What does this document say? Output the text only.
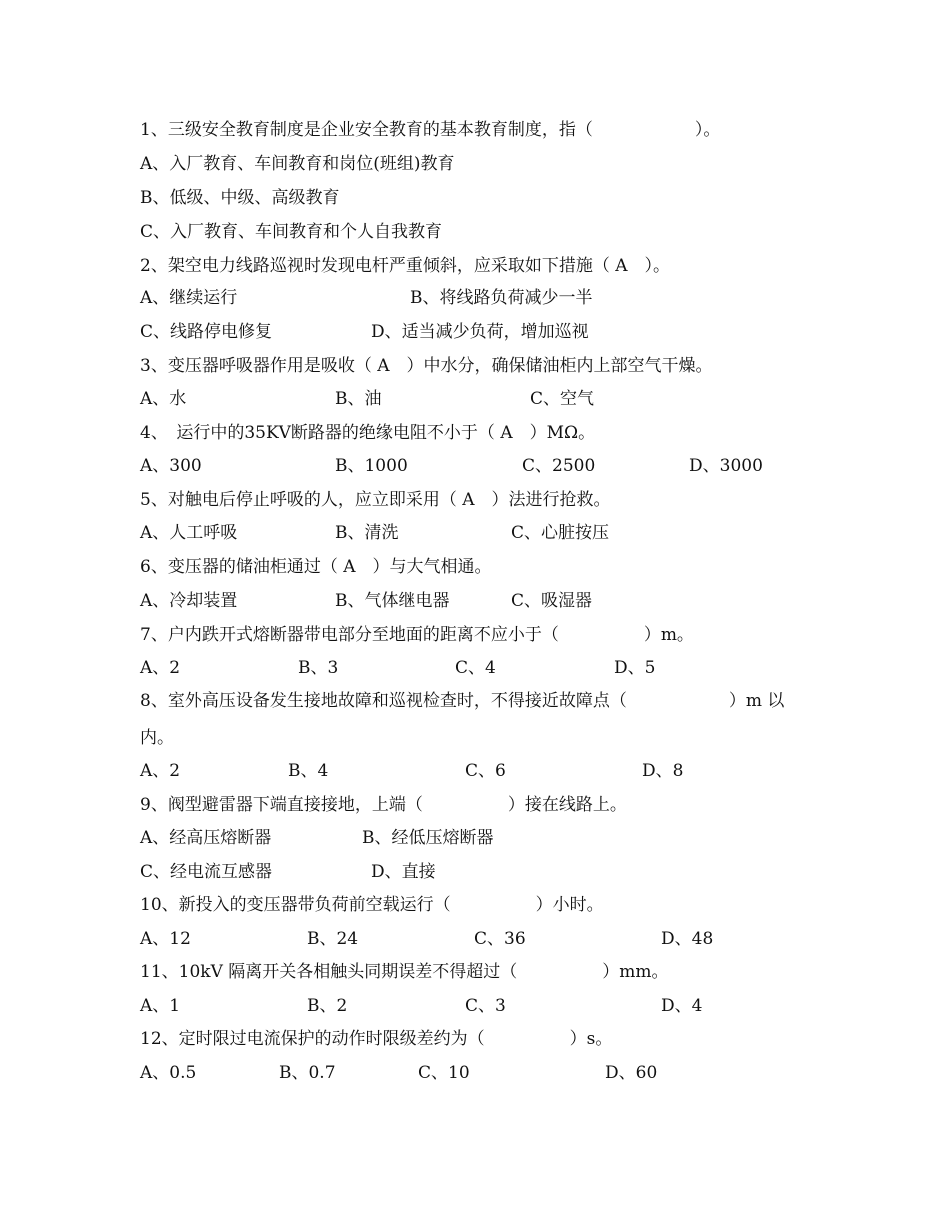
1、三级安全教育制度是企业安全教育的基本教育制度，指（　　　　　　）。
A、入厂教育、车间教育和岗位(班组)教育
B、低级、中级、高级教育
C、入厂教育、车间教育和个人自我教育
2、架空电力线路巡视时发现电杆严重倾斜，应采取如下措施（ A　）。
A、继续运行	B、将线路负荷减少一半
C、线路停电修复	D、适当减少负荷，增加巡视
3、变压器呼吸器作用是吸收（ A　）中水分，确保储油柜内上部空气干燥。
A、水	B、油	C、空气
4、　运行中的35KV断路器的绝缘电阻不小于（ A　）MΩ。
A、300	B、1000	C、2500	D、3000
5、对触电后停止呼吸的人，应立即采用（ A　）法进行抢救。
A、人工呼吸	B、清洗	C、心脏按压
6、变压器的储油柜通过（ A　）与大气相通。
A、冷却装置	B、气体继电器	C、吸湿器
7、户内跌开式熔断器带电部分至地面的距离不应小于（　　　　　）m。
A、2	B、3	C、4	D、5
8、室外高压设备发生接地故障和巡视检查时，不得接近故障点（　　　　　　）m 以
内。
A、2	B、4	C、6	D、8
9、阀型避雷器下端直接接地，上端（　　　　　）接在线路上。
A、经高压熔断器	B、经低压熔断器
C、经电流互感器	D、直接
10、新投入的变压器带负荷前空载运行（　　　　　）小时。
A、12	B、24	C、36	D、48
11、10kV 隔离开关各相触头同期误差不得超过（　　　　　）mm。
A、1	B、2	C、3	D、4
12、定时限过电流保护的动作时限级差约为（　　　　　）s。
A、0.5	B、0.7	C、10	D、60
